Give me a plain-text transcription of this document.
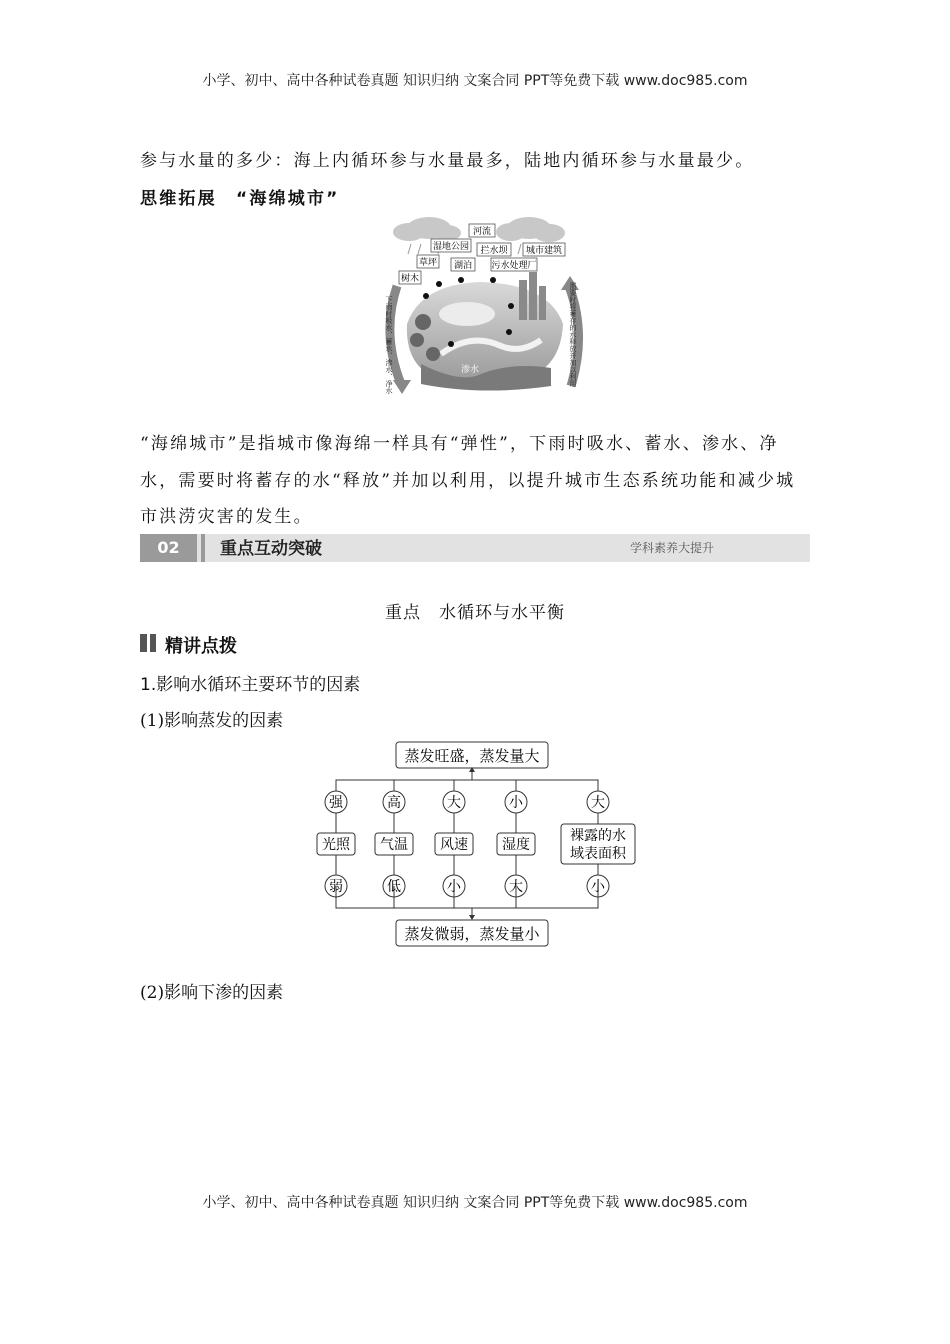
小学、初中、高中各种试卷真题 知识归纳 文案合同 PPT等免费下载 www.doc985.com
参与水量的多少：海上内循环参与水量最多，陆地内循环参与水量最少。
思维拓展　“海绵城市”
河流
湿地公园 拦水坝 城市建筑
草坪 湖泊 污水处理厂
树木
下雨时吸水、蓄水、渗水、净水	需要时将蓄存的水释放并加以利用
渗水
“海绵城市”是指城市像海绵一样具有“弹性”，下雨时吸水、蓄水、渗水、净水，需要时将蓄存的水“释放”并加以利用，以提升城市生态系统功能和减少城市洪涝灾害的发生。
02	重点互动突破	学科素养大提升
重点　水循环与水平衡
精讲点拨
1.影响水循环主要环节的因素
(1)影响蒸发的因素
蒸发旺盛，蒸发量大
蒸发微弱，蒸发量小
强	高	大	小	大
光照 气温 风速 湿度
裸露的水
域表面积
弱	低	小	大	小
(2)影响下渗的因素
小学、初中、高中各种试卷真题 知识归纳 文案合同 PPT等免费下载 www.doc985.com
